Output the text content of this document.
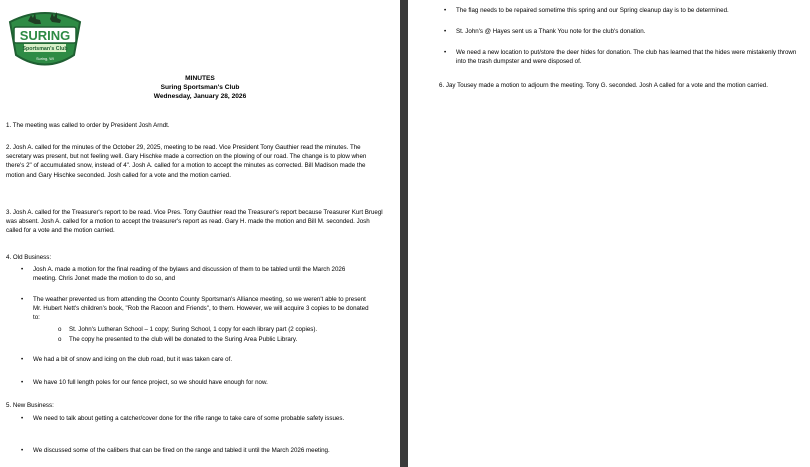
SURING
Sportsman's Club
Suring, WI
MINUTES
Suring Sportsman's Club
Wednesday, January 28, 2026

1. The meeting was called to order by President Josh Arndt.

2. Josh A. called for the minutes of the October 29, 2025, meeting to be read. Vice President Tony Gauthier read the minutes. The secretary was present, but not feeling well. Gary Hischke made a correction on the plowing of our road. The change is to plow when there's 2" of accumulated snow, instead of 4". Josh A. called for a motion to accept the minutes as corrected. Bill Madison made the motion and Gary Hischke seconded. Josh called for a vote and the motion carried.

3. Josh A. called for the Treasurer's report to be read. Vice Pres. Tony Gauthier read the Treasurer's report because Treasurer Kurt Bruegl was absent. Josh A. called for a motion to accept the treasurer's report as read. Gary H. made the motion and Bill M. seconded. Josh called for a vote and the motion carried.

4. Old Business:

• Josh A. made a motion for the final reading of the bylaws and discussion of them to be tabled until the March 2026 meeting. Chris Jonet made the motion to do so, and
• The weather prevented us from attending the Oconto County Sportsman's Alliance meeting, so we weren't able to present Mr. Hubert Nett's children's book, "Rob the Racoon and Friends", to them. However, we will acquire 3 copies to be donated to:
o St. John's Lutheran School – 1 copy; Suring School, 1 copy for each library part (2 copies).
o The copy he presented to the club will be donated to the Suring Area Public Library.
• We had a bit of snow and icing on the club road, but it was taken care of.
• We have 10 full length poles for our fence project, so we should have enough for now.

5. New Business:

• We need to talk about getting a catcher/cover done for the rifle range to take care of some probable safety issues.
• We discussed some of the calibers that can be fired on the range and tabled it until the March 2026 meeting.
• The flag needs to be repaired sometime this spring and our Spring cleanup day is to be determined.
• St. John's @ Hayes sent us a Thank You note for the club's donation.
• We need a new location to put/store the deer hides for donation. The club has learned that the hides were mistakenly thrown into the trash dumpster and were disposed of.

6. Jay Tousey made a motion to adjourn the meeting. Tony G. seconded. Josh A called for a vote and the motion carried.
